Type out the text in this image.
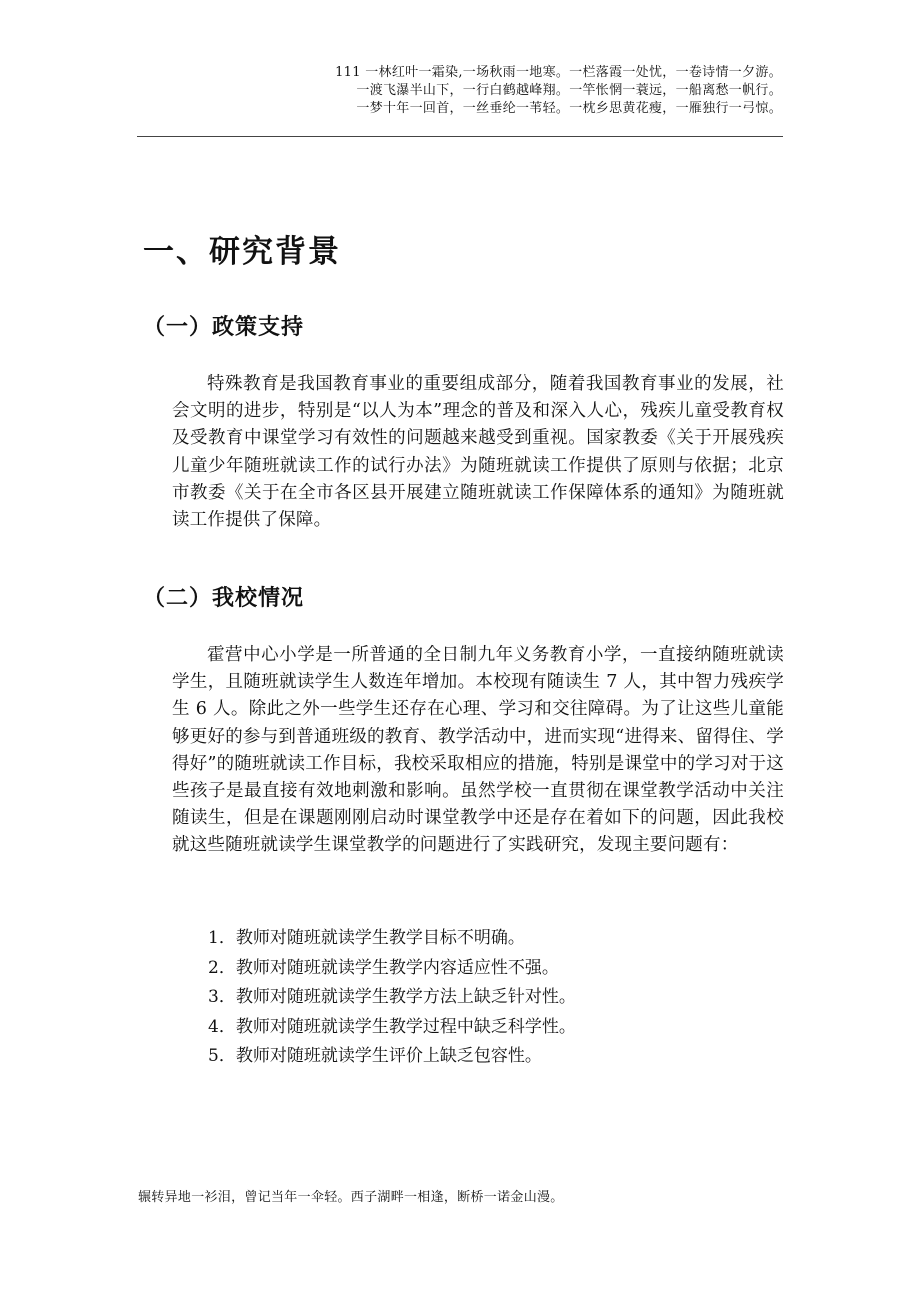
111 一林红叶一霜染,一场秋雨一地寒。一栏落霞一处忧，一卷诗情一夕游。
一渡飞瀑半山下，一行白鹤越峰翔。一竿怅惘一蓑远，一船离愁一帆行。
一梦十年一回首，一丝垂纶一苇轻。一枕乡思黄花瘦，一雁独行一弓惊。
一、研究背景
（一）政策支持

特殊教育是我国教育事业的重要组成部分，随着我国教育事业的发展，社会文明的进步，特别是“以人为本”理念的普及和深入人心，残疾儿童受教育权及受教育中课堂学习有效性的问题越来越受到重视。国家教委《关于开展残疾儿童少年随班就读工作的试行办法》为随班就读工作提供了原则与依据；北京市教委《关于在全市各区县开展建立随班就读工作保障体系的通知》为随班就读工作提供了保障。

（二）我校情况

霍营中心小学是一所普通的全日制九年义务教育小学，一直接纳随班就读学生，且随班就读学生人数连年增加。本校现有随读生 7 人，其中智力残疾学生 6 人。除此之外一些学生还存在心理、学习和交往障碍。为了让这些儿童能够更好的参与到普通班级的教育、教学活动中，进而实现“进得来、留得住、学得好”的随班就读工作目标，我校采取相应的措施，特别是课堂中的学习对于这些孩子是最直接有效地刺激和影响。虽然学校一直贯彻在课堂教学活动中关注随读生，但是在课题刚刚启动时课堂教学中还是存在着如下的问题，因此我校就这些随班就读学生课堂教学的问题进行了实践研究，发现主要问题有：

1．教师对随班就读学生教学目标不明确。
2．教师对随班就读学生教学内容适应性不强。
3．教师对随班就读学生教学方法上缺乏针对性。
4．教师对随班就读学生教学过程中缺乏科学性。
5．教师对随班就读学生评价上缺乏包容性。
辗转异地一衫泪，曾记当年一伞轻。西子湖畔一相逢，断桥一诺金山漫。
